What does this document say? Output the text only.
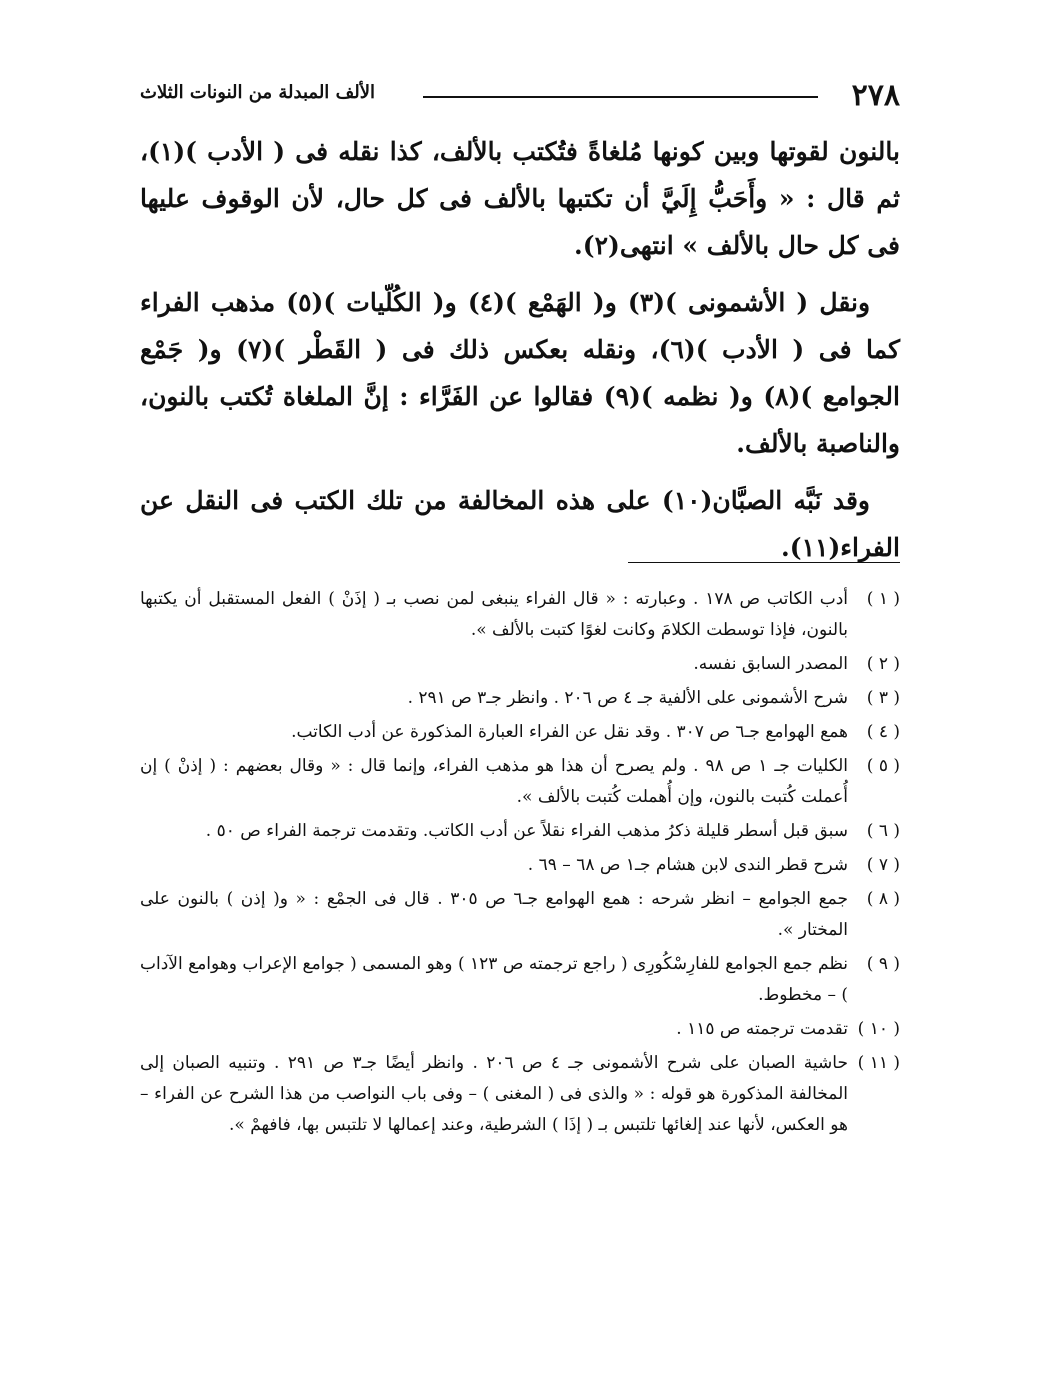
٢٧٨
الألف المبدلة من النونات الثلاث

بالنون لقوتها وبين كونها مُلغاةً فتُكتب بالألف، كذا نقله فى ( الأدب )(١)، ثم قال : « وأَحَبُّ إِلَيَّ أن تكتبها بالألف فى كل حال، لأن الوقوف عليها فى كل حال بالألف » انتهى(٢).

ونقل ( الأشمونى )(٣) و( الهَمْع )(٤) و( الكُلّيات )(٥) مذهب الفراء كما فى ( الأدب )(٦)، ونقله بعكس ذلك فى ( القَطْر )(٧) و( جَمْع الجوامع )(٨) و( نظمه )(٩) فقالوا عن الفَرَّاء : إنَّ الملغاة تُكتب بالنون، والناصبة بالألف.

وقد نَبَّه الصبَّان(١٠) على هذه المخالفة من تلك الكتب فى النقل عن الفراء(١١).

( ١ )
أدب الكاتب ص ١٧٨ . وعبارته : « قال الفراء ينبغى لمن نصب بـ ( إذَنْ ) الفعل المستقبل أن يكتبها بالنون، فإذا توسطت الكلامَ وكانت لغوًا كتبت بالألف ».
( ٢ )
المصدر السابق نفسه.
( ٣ )
شرح الأشمونى على الألفية جـ ٤ ص ٢٠٦ . وانظر جـ٣ ص ٢٩١ .
( ٤ )
همع الهوامع جـ٦ ص ٣٠٧ . وقد نقل عن الفراء العبارة المذكورة عن أدب الكاتب.
( ٥ )
الكليات جـ ١ ص ٩٨ . ولم يصرح أن هذا هو مذهب الفراء، وإنما قال : « وقال بعضهم : ( إذنْ ) إن أُعملت كُتبت بالنون، وإن أُهملت كُتبت بالألف ».
( ٦ )
سبق قبل أسطر قليلة ذكرُ مذهب الفراء نقلاً عن أدب الكاتب. وتقدمت ترجمة الفراء ص ٥٠ .
( ٧ )
شرح قطر الندى لابن هشام جـ١ ص ٦٨ – ٦٩ .
( ٨ )
جمع الجوامع – انظر شرحه : همع الهوامع جـ٦ ص ٣٠٥ . قال فى الجمْع : « و( إذن ) بالنون على المختار ».
( ٩ )
نظم جمع الجوامع للفارِسْكُورِى ( راجع ترجمته ص ١٢٣ ) وهو المسمى ( جوامع الإعراب وهوامع الآداب ) – مخطوط.
( ١٠ )
تقدمت ترجمته ص ١١٥ .
( ١١ )
حاشية الصبان على شرح الأشمونى جـ ٤ ص ٢٠٦ . وانظر أيضًا جـ٣ ص ٢٩١ . وتنبيه الصبان إلى المخالفة المذكورة هو قوله : « والذى فى ( المغنى ) – وفى باب النواصب من هذا الشرح عن الفراء – هو العكس، لأنها عند إلغائها تلتبس بـ ( إذَا ) الشرطية، وعند إعمالها لا تلتبس بها، فافهمْ ».
